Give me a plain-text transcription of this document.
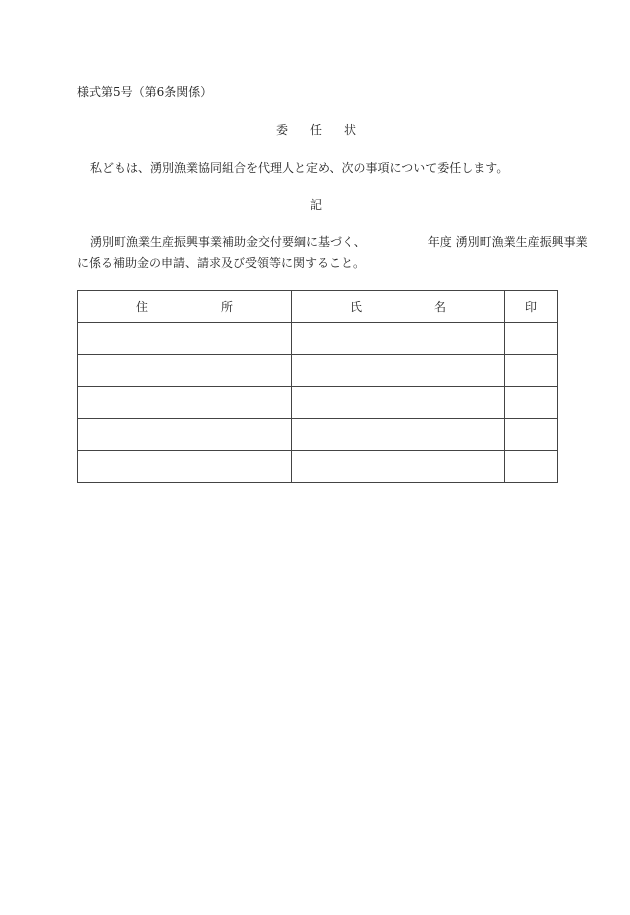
様式第5号（第6条関係）
委 任 状
私どもは、湧別漁業協同組合を代理人と定め、次の事項について委任します。
記
湧別町漁業生産振興事業補助金交付要綱に基づく、	年度 湧別町漁業生産振興事業
に係る補助金の申請、請求及び受領等に関すること。
住 所	氏 名	印
